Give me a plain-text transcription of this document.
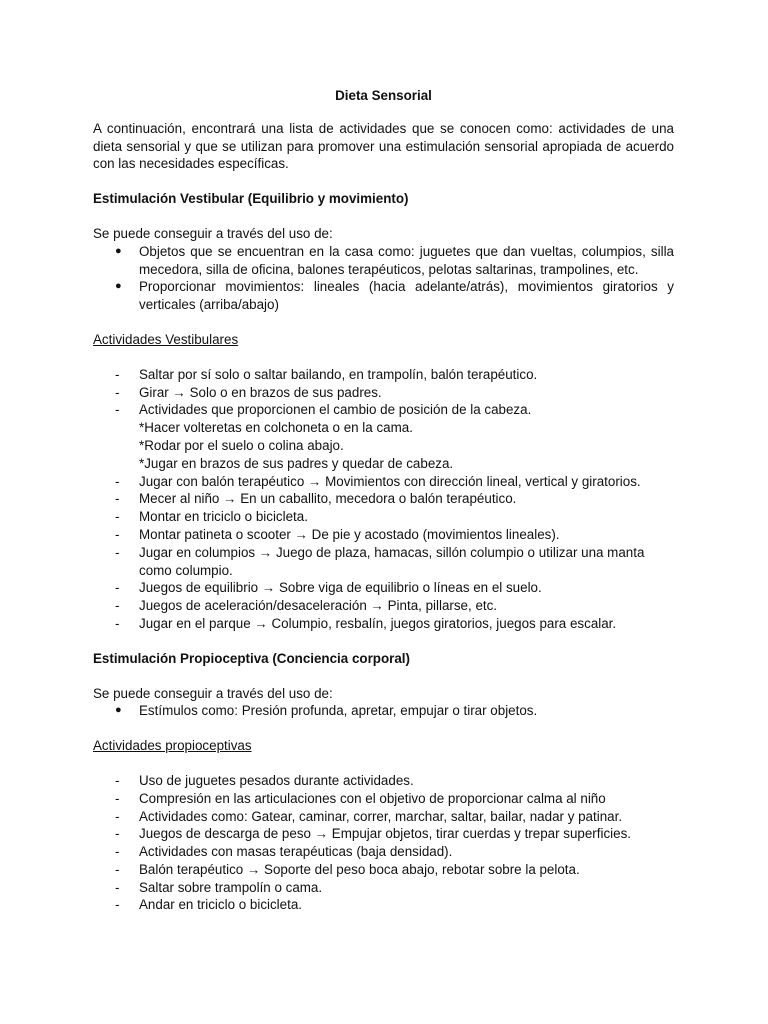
Dieta Sensorial

A continuación, encontrará una lista de actividades que se conocen como: actividades de una dieta sensorial y que se utilizan para promover una estimulación sensorial apropiada de acuerdo con las necesidades específicas.

Estimulación Vestibular (Equilibrio y movimiento)

Se puede conseguir a través del uso de:

● Objetos que se encuentran en la casa como: juguetes que dan vueltas, columpios, silla mecedora, silla de oficina, balones terapéuticos, pelotas saltarinas, trampolines, etc.
● Proporcionar movimientos: lineales (hacia adelante/atrás), movimientos giratorios y verticales (arriba/abajo)
Actividades Vestibulares
- Saltar por sí solo o saltar bailando, en trampolín, balón terapéutico.
- Girar → Solo o en brazos de sus padres.
- Actividades que proporcionen el cambio de posición de la cabeza.
*Hacer volteretas en colchoneta o en la cama.
*Rodar por el suelo o colina abajo.
*Jugar en brazos de sus padres y quedar de cabeza.
- Jugar con balón terapéutico → Movimientos con dirección lineal, vertical y giratorios.
- Mecer al niño → En un caballito, mecedora o balón terapéutico.
- Montar en triciclo o bicicleta.
- Montar patineta o scooter → De pie y acostado (movimientos lineales).
- Jugar en columpios → Juego de plaza, hamacas, sillón columpio o utilizar una manta
como columpio.
- Juegos de equilibrio → Sobre viga de equilibrio o líneas en el suelo.
- Juegos de aceleración/desaceleración → Pinta, pillarse, etc.
- Jugar en el parque → Columpio, resbalín, juegos giratorios, juegos para escalar.
Estimulación Propioceptiva (Conciencia corporal)

Se puede conseguir a través del uso de:

● Estímulos como: Presión profunda, apretar, empujar o tirar objetos.
Actividades propioceptivas
- Uso de juguetes pesados durante actividades.
- Compresión en las articulaciones con el objetivo de proporcionar calma al niño
- Actividades como: Gatear, caminar, correr, marchar, saltar, bailar, nadar y patinar.
- Juegos de descarga de peso → Empujar objetos, tirar cuerdas y trepar superficies.
- Actividades con masas terapéuticas (baja densidad).
- Balón terapéutico → Soporte del peso boca abajo, rebotar sobre la pelota.
- Saltar sobre trampolín o cama.
- Andar en triciclo o bicicleta.
